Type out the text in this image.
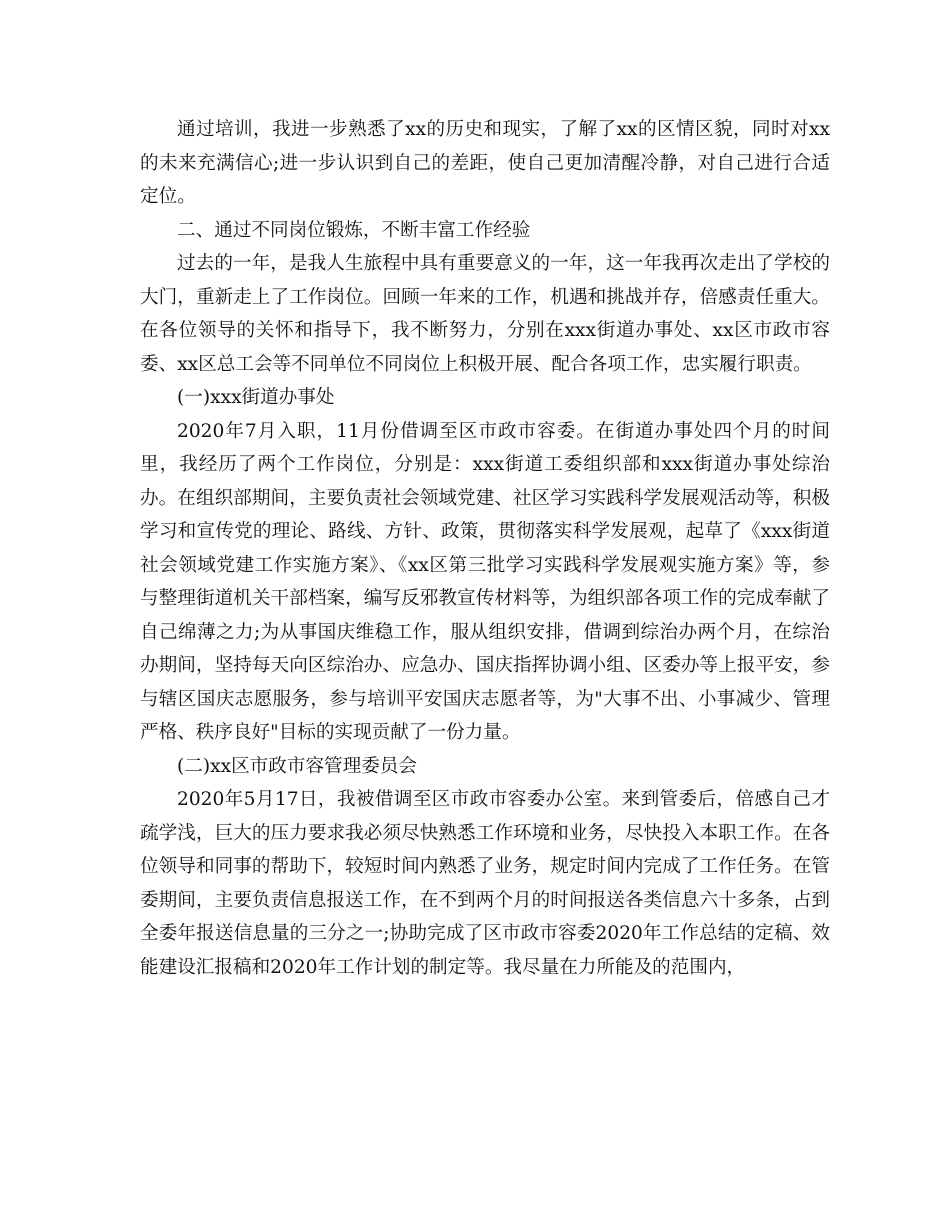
通过培训，我进一步熟悉了xx的历史和现实，了解了xx的区情区貌，同时对xx的未来充满信心;进一步认识到自己的差距，使自己更加清醒冷静，对自己进行合适定位。

二、通过不同岗位锻炼，不断丰富工作经验

过去的一年，是我人生旅程中具有重要意义的一年，这一年我再次走出了学校的大门，重新走上了工作岗位。回顾一年来的工作，机遇和挑战并存，倍感责任重大。在各位领导的关怀和指导下，我不断努力，分别在xxx街道办事处、xx区市政市容委、xx区总工会等不同单位不同岗位上积极开展、配合各项工作，忠实履行职责。

(一)xxx街道办事处

2020年7月入职，11月份借调至区市政市容委。在街道办事处四个月的时间里，我经历了两个工作岗位，分别是：xxx街道工委组织部和xxx街道办事处综治办。在组织部期间，主要负责社会领域党建、社区学习实践科学发展观活动等，积极学习和宣传党的理论、路线、方针、政策，贯彻落实科学发展观，起草了《xxx街道社会领域党建工作实施方案》、《xx区第三批学习实践科学发展观实施方案》等，参与整理街道机关干部档案，编写反邪教宣传材料等，为组织部各项工作的完成奉献了自己绵薄之力;为从事国庆维稳工作，服从组织安排，借调到综治办两个月，在综治办期间，坚持每天向区综治办、应急办、国庆指挥协调小组、区委办等上报平安，参与辖区国庆志愿服务，参与培训平安国庆志愿者等，为"大事不出、小事减少、管理严格、秩序良好"目标的实现贡献了一份力量。

(二)xx区市政市容管理委员会

2020年5月17日，我被借调至区市政市容委办公室。来到管委后，倍感自己才疏学浅，巨大的压力要求我必须尽快熟悉工作环境和业务，尽快投入本职工作。在各位领导和同事的帮助下，较短时间内熟悉了业务，规定时间内完成了工作任务。在管委期间，主要负责信息报送工作，在不到两个月的时间报送各类信息六十多条，占到全委年报送信息量的三分之一;协助完成了区市政市容委2020年工作总结的定稿、效能建设汇报稿和2020年工作计划的制定等。我尽量在力所能及的范围内，
